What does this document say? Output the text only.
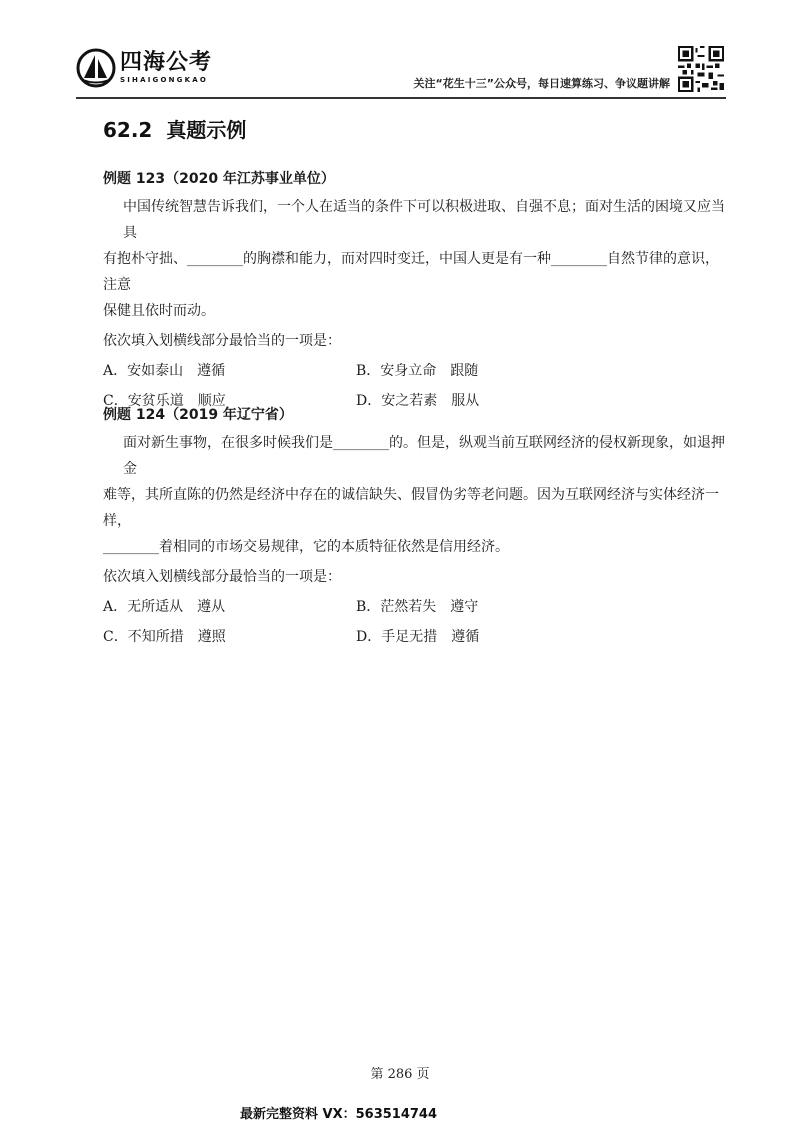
四海公考
SIHAIGONGKAO	关注“花生十三”公众号，每日速算练习、争议题讲解
62.2 真题示例
例题 123（2020 年江苏事业单位）
中国传统智慧告诉我们，一个人在适当的条件下可以积极进取、自强不息；面对生活的困境又应当具
有抱朴守拙、________的胸襟和能力，而对四时变迁，中国人更是有一种________自然节律的意识，注意
保健且依时而动。
依次填入划横线部分最恰当的一项是：
A．安如泰山　遵循	B．安身立命　跟随
C．安贫乐道　顺应	D．安之若素　服从
例题 124（2019 年辽宁省）
面对新生事物，在很多时候我们是________的。但是，纵观当前互联网经济的侵权新现象，如退押金
难等，其所直陈的仍然是经济中存在的诚信缺失、假冒伪劣等老问题。因为互联网经济与实体经济一样，
________着相同的市场交易规律，它的本质特征依然是信用经济。
依次填入划横线部分最恰当的一项是：
A．无所适从　遵从	B．茫然若失　遵守
C．不知所措　遵照	D．手足无措　遵循
第 286 页
最新完整资料 VX：563514744
